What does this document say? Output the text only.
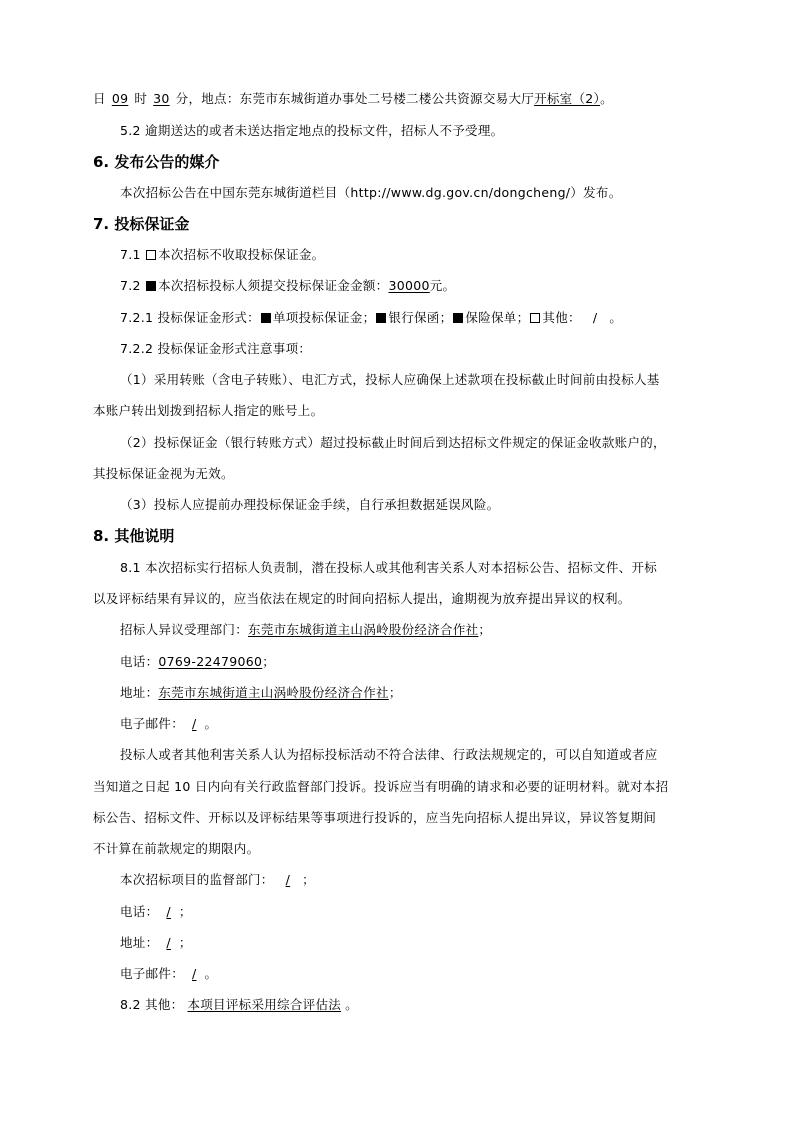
日 09 时 30 分，地点：东莞市东城街道办事处二号楼二楼公共资源交易大厅开标室（2）。
5.2 逾期送达的或者未送达指定地点的投标文件，招标人不予受理。
6. 发布公告的媒介
本次招标公告在中国东莞东城街道栏目（http://www.dg.gov.cn/dongcheng/）发布。
7. 投标保证金
7.1 本次招标不收取投标保证金。
7.2 本次招标投标人须提交投标保证金金额：30000元。
7.2.1 投标保证金形式： 单项投标保证金； 银行保函； 保险保单； 其他： / 。
7.2.2 投标保证金形式注意事项：
（1）采用转账（含电子转账）、电汇方式，投标人应确保上述款项在投标截止时间前由投标人基
本账户转出划拨到招标人指定的账号上。
（2）投标保证金（银行转账方式）超过投标截止时间后到达招标文件规定的保证金收款账户的，
其投标保证金视为无效。
（3）投标人应提前办理投标保证金手续，自行承担数据延误风险。
8. 其他说明
8.1 本次招标实行招标人负责制，潜在投标人或其他利害关系人对本招标公告、招标文件、开标
以及评标结果有异议的，应当依法在规定的时间向招标人提出，逾期视为放弃提出异议的权利。
招标人异议受理部门：东莞市东城街道主山涡岭股份经济合作社；
电话：0769-22479060；
地址：东莞市东城街道主山涡岭股份经济合作社；
电子邮件： / 。
投标人或者其他利害关系人认为招标投标活动不符合法律、行政法规规定的，可以自知道或者应
当知道之日起 10 日内向有关行政监督部门投诉。投诉应当有明确的请求和必要的证明材料。就对本招
标公告、招标文件、开标以及评标结果等事项进行投诉的，应当先向招标人提出异议，异议答复期间
不计算在前款规定的期限内。
本次招标项目的监督部门： / ；
电话： / ；
地址： / ；
电子邮件： / 。
8.2 其他： 本项目评标采用综合评估法 。
